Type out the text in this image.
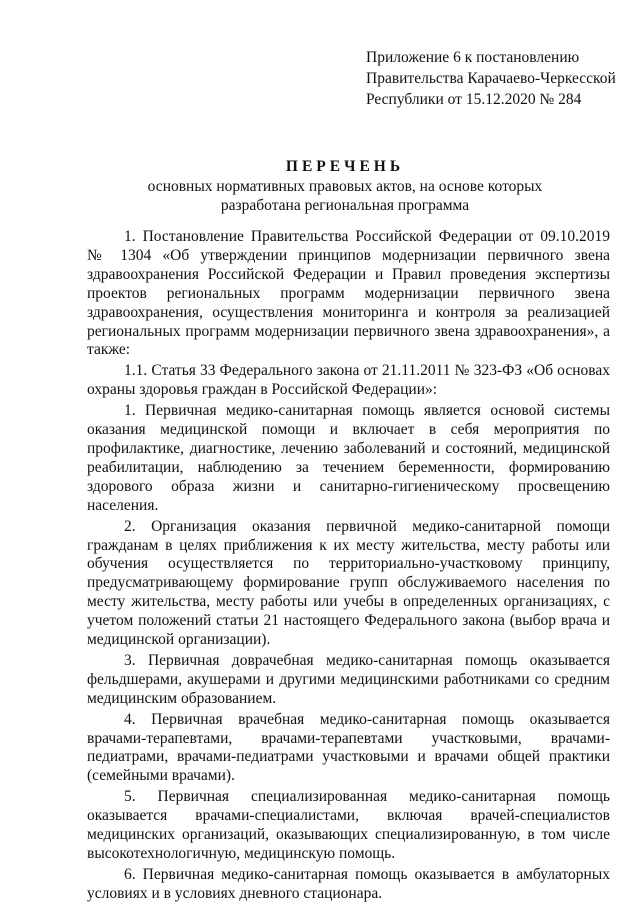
Приложение 6 к постановлению
Правительства Карачаево-Черкесской
Республики от 15.12.2020 № 284
ПЕРЕЧЕНЬ
основных нормативных правовых актов, на основе которых
разработана региональная программа

1. Постановление Правительства Российской Федерации от 09.10.2019 № 1304 «Об утверждении принципов модернизации первичного звена здравоохранения Российской Федерации и Правил проведения экспертизы проектов региональных программ модернизации первичного звена здравоохранения, осуществления мониторинга и контроля за реализацией региональных программ модернизации первичного звена здравоохранения», а также:

1.1. Статья 33 Федерального закона от 21.11.2011 № 323-ФЗ «Об основах охраны здоровья граждан в Российской Федерации»:

1. Первичная медико-санитарная помощь является основой системы оказания медицинской помощи и включает в себя мероприятия по профилактике, диагностике, лечению заболеваний и состояний, медицинской реабилитации, наблюдению за течением беременности, формированию здорового образа жизни и санитарно-гигиеническому просвещению населения.

2. Организация оказания первичной медико-санитарной помощи гражданам в целях приближения к их месту жительства, месту работы или обучения осуществляется по территориально-участковому принципу, предусматривающему формирование групп обслуживаемого населения по месту жительства, месту работы или учебы в определенных организациях, с учетом положений статьи 21 настоящего Федерального закона (выбор врача и медицинской организации).

3. Первичная доврачебная медико-санитарная помощь оказывается фельдшерами, акушерами и другими медицинскими работниками со средним медицинским образованием.

4. Первичная врачебная медико-санитарная помощь оказывается врачами-терапевтами, врачами-терапевтами участковыми, врачами-педиатрами, врачами-педиатрами участковыми и врачами общей практики (семейными врачами).

5. Первичная специализированная медико-санитарная помощь оказывается врачами-специалистами, включая врачей-специалистов медицинских организаций, оказывающих специализированную, в том числе высокотехнологичную, медицинскую помощь.

6. Первичная медико-санитарная помощь оказывается в амбулаторных условиях и в условиях дневного стационара.
